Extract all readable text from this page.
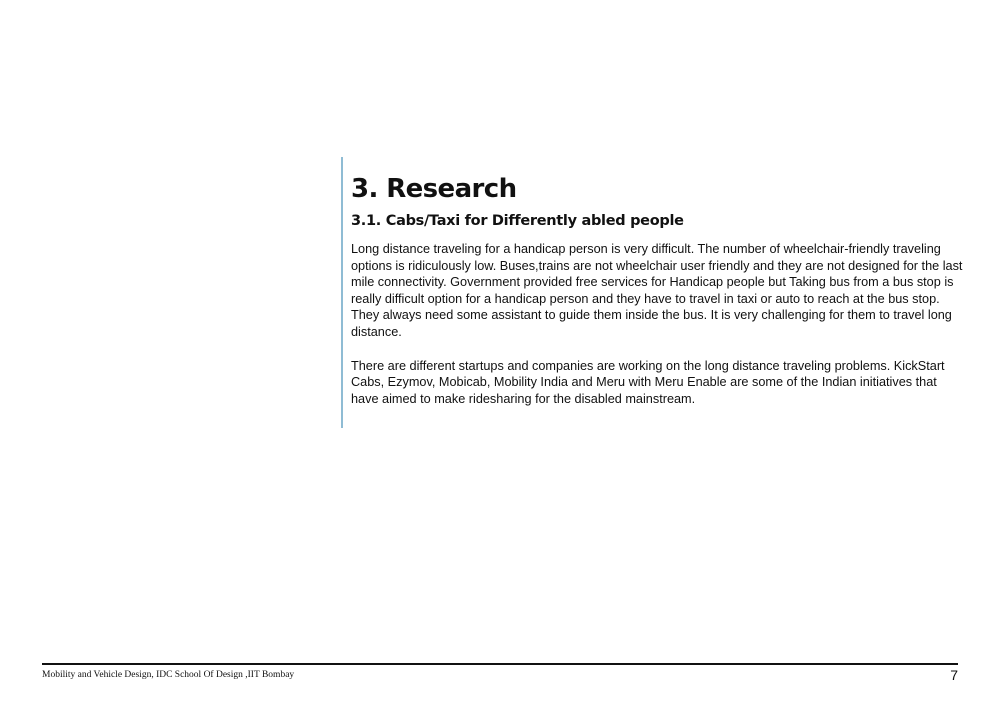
3. Research
3.1. Cabs/Taxi for Differently abled people

Long distance traveling for a handicap person is very difficult. The number of wheelchair-friendly traveling options is ridiculously low. Buses,trains are not wheelchair user friendly and they are not designed for the last mile connectivity. Government provided free services for Handicap people but Taking bus from a bus stop is really difficult option for a handicap person and they have to travel in taxi or auto to reach at the bus stop. They always need some assistant to guide them inside the bus. It is very challenging for them to travel long distance.

There are different startups and companies are working on the long distance traveling problems. KickStart Cabs, Ezymov, Mobicab, Mobility India and Meru with Meru Enable are some of the Indian initiatives that have aimed to make ridesharing for the disabled mainstream.

Mobility and Vehicle Design, IDC School Of Design ,IIT Bombay	7
